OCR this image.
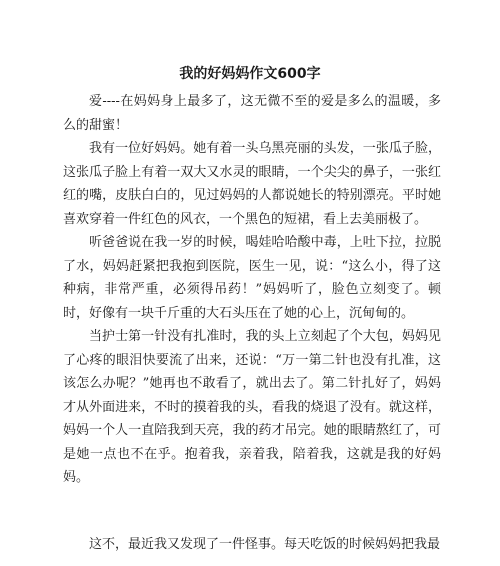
我的好妈妈作文600字

爱----在妈妈身上最多了，这无微不至的爱是多么的温暖，多么的甜蜜！

我有一位好妈妈。她有着一头乌黑亮丽的头发，一张瓜子脸，这张瓜子脸上有着一双大又水灵的眼睛，一个尖尖的鼻子，一张红红的嘴，皮肤白白的，见过妈妈的人都说她长的特别漂亮。平时她喜欢穿着一件红色的风衣，一个黑色的短裙，看上去美丽极了。

听爸爸说在我一岁的时候，喝娃哈哈酸中毒，上吐下拉，拉脱了水，妈妈赶紧把我抱到医院，医生一见，说：“这么小，得了这种病，非常严重，必须得吊药！”妈妈听了，脸色立刻变了。顿时，好像有一块千斤重的大石头压在了她的心上，沉甸甸的。

当护士第一针没有扎准时，我的头上立刻起了个大包，妈妈见了心疼的眼泪快要流了出来，还说：“万一第二针也没有扎准，这该怎么办呢？”她再也不敢看了，就出去了。第二针扎好了，妈妈才从外面进来，不时的摸着我的头，看我的烧退了没有。就这样，妈妈一个人一直陪我到天亮，我的药才吊完。她的眼睛熬红了，可是她一点也不在乎。抱着我，亲着我，陪着我，这就是我的好妈妈。

这不，最近我又发现了一件怪事。每天吃饭的时候妈妈把我最
